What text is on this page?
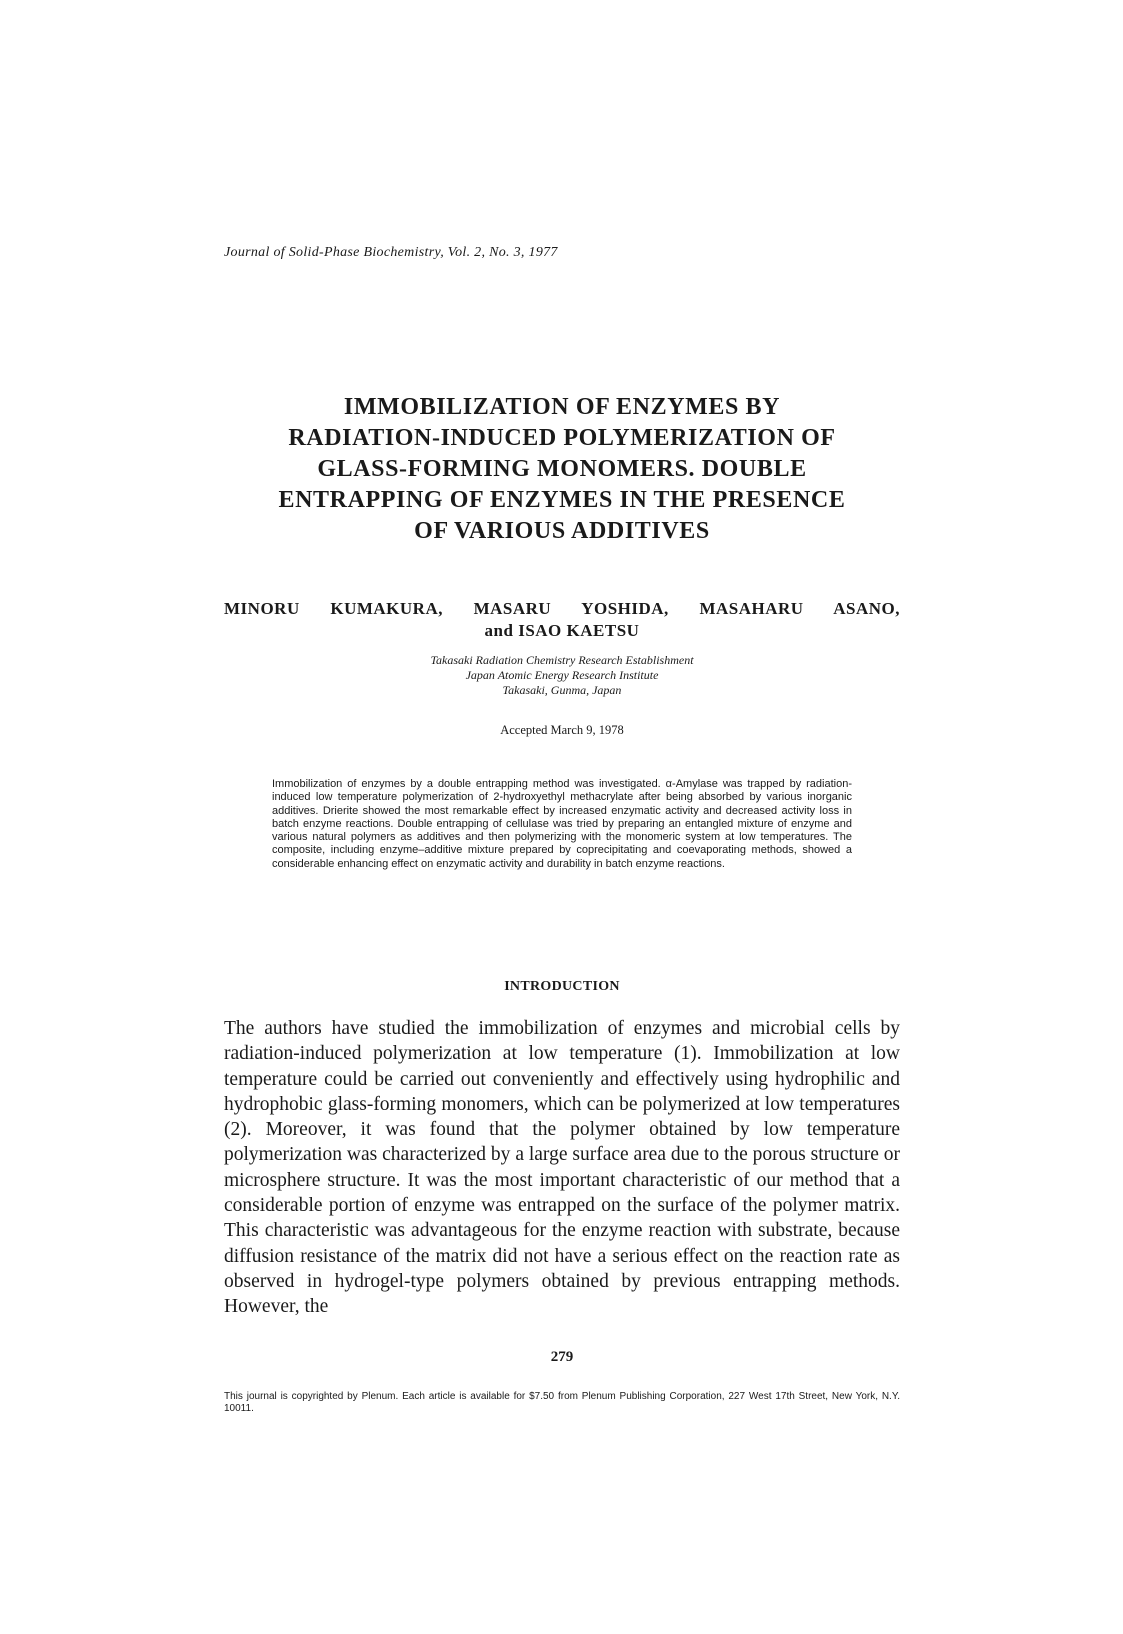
Journal of Solid-Phase Biochemistry, Vol. 2, No. 3, 1977
IMMOBILIZATION OF ENZYMES BY
RADIATION-INDUCED POLYMERIZATION OF
GLASS-FORMING MONOMERS. DOUBLE
ENTRAPPING OF ENZYMES IN THE PRESENCE
OF VARIOUS ADDITIVES
MINORU KUMAKURA, MASARU YOSHIDA, MASAHARU ASANO,
and ISAO KAETSU
Takasaki Radiation Chemistry Research Establishment
Japan Atomic Energy Research Institute
Takasaki, Gunma, Japan
Accepted March 9, 1978
Immobilization of enzymes by a double entrapping method was investigated. α-Amylase was trapped by radiation-induced low temperature polymerization of 2-hydroxyethyl methacrylate after being absorbed by various inorganic additives. Drierite showed the most remarkable effect by increased enzymatic activity and decreased activity loss in batch enzyme reactions. Double entrapping of cellulase was tried by preparing an entangled mixture of enzyme and various natural polymers as additives and then polymerizing with the monomeric system at low temperatures. The composite, including enzyme–additive mixture prepared by coprecipitating and coevaporating methods, showed a considerable enhancing effect on enzymatic activity and durability in batch enzyme reactions.
INTRODUCTION
The authors have studied the immobilization of enzymes and microbial cells by radiation-induced polymerization at low temperature (1). Immobilization at low temperature could be carried out conveniently and effectively using hydrophilic and hydrophobic glass-forming monomers, which can be polymerized at low temperatures (2). Moreover, it was found that the polymer obtained by low temperature polymerization was characterized by a large surface area due to the porous structure or microsphere structure. It was the most important characteristic of our method that a considerable portion of enzyme was entrapped on the surface of the polymer matrix. This characteristic was advantageous for the enzyme reaction with substrate, because diffusion resistance of the matrix did not have a serious effect on the reaction rate as observed in hydrogel-type polymers obtained by previous entrapping methods. However, the
279
This journal is copyrighted by Plenum. Each article is available for $7.50 from Plenum Publishing Corporation, 227 West 17th Street, New York, N.Y. 10011.
